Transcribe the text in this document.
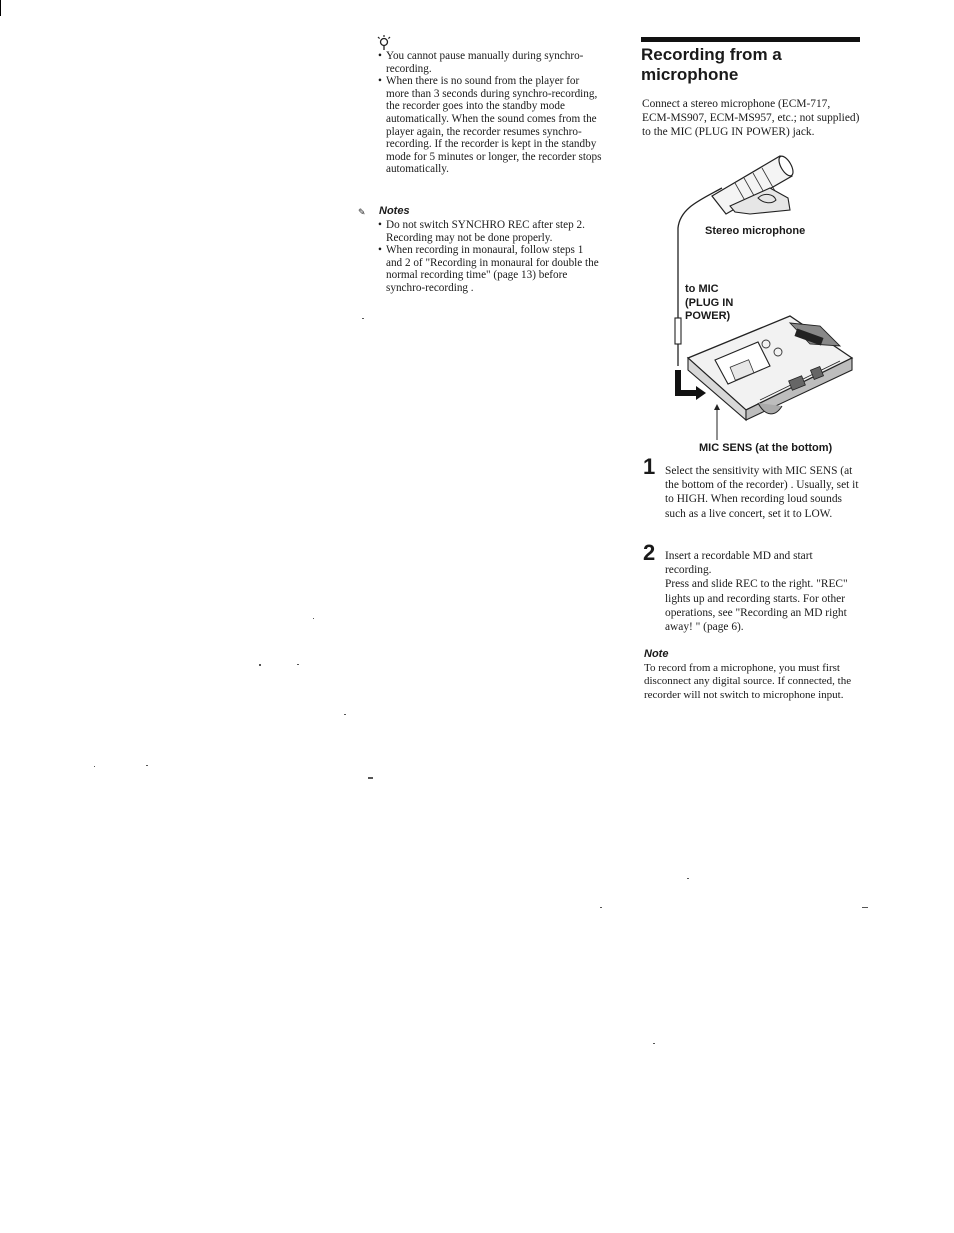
• You cannot pause manually during synchro-recording.

• When there is no sound from the player for more than 3 seconds during synchro-recording, the recorder goes into the standby mode automatically. When the sound comes from the player again, the recorder resumes synchro-recording. If the recorder is kept in the standby mode for 5 minutes or longer, the recorder stops automatically.

✎ Notes

• Do not switch SYNCHRO REC after step 2. Recording may not be done properly.

• When recording in monaural, follow steps 1 and 2 of "Recording in monaural for double the normal recording time" (page 13) before synchro-recording .

Recording from a microphone
Connect a stereo microphone (ECM-717, ECM-MS907, ECM-MS957, etc.; not supplied) to the MIC (PLUG IN POWER) jack.
Stereo microphone
to MIC
(PLUG IN
POWER)
MIC SENS (at the bottom)
1 Select the sensitivity with MIC SENS (at the bottom of the recorder) . Usually, set it to HIGH. When recording loud sounds such as a live concert, set it to LOW.
2 Insert a recordable MD and start recording.
Press and slide REC to the right. "REC" lights up and recording starts. For other operations, see "Recording an MD right away! " (page 6).
Note
To record from a microphone, you must first disconnect any digital source. If connected, the recorder will not switch to microphone input.
